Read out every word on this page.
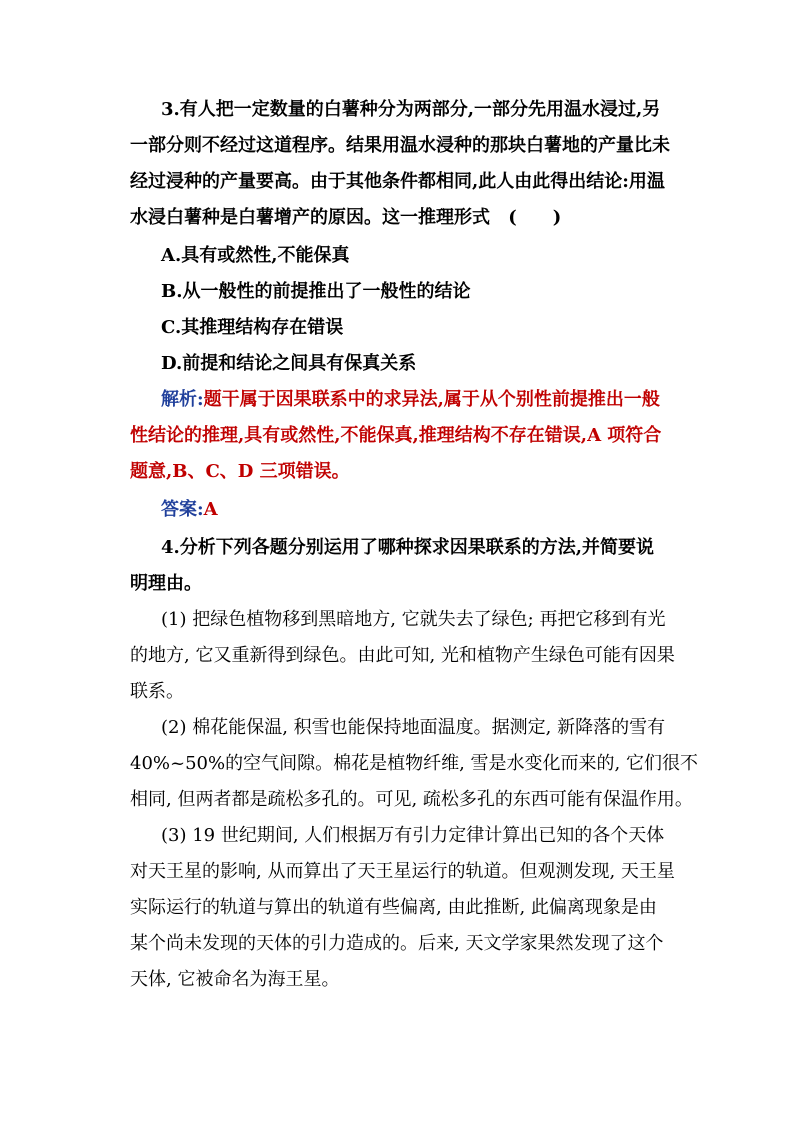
3.有人把一定数量的白薯种分为两部分,一部分先用温水浸过,另
一部分则不经过这道程序。结果用温水浸种的那块白薯地的产量比未
经过浸种的产量要高。由于其他条件都相同,此人由此得出结论:用温
水浸白薯种是白薯增产的原因。这一推理形式 (　　)
A.具有或然性,不能保真
B.从一般性的前提推出了一般性的结论
C.其推理结构存在错误
D.前提和结论之间具有保真关系
解析:题干属于因果联系中的求异法,属于从个别性前提推出一般
性结论的推理,具有或然性,不能保真,推理结构不存在错误,A 项符合
题意,B、C、D 三项错误。
答案:A
4.分析下列各题分别运用了哪种探求因果联系的方法,并简要说
明理由。
(1) 把绿色植物移到黑暗地方, 它就失去了绿色; 再把它移到有光
的地方, 它又重新得到绿色。由此可知, 光和植物产生绿色可能有因果
联系。
(2) 棉花能保温, 积雪也能保持地面温度。据测定, 新降落的雪有
40%~50%的空气间隙。棉花是植物纤维, 雪是水变化而来的, 它们很不
相同, 但两者都是疏松多孔的。可见, 疏松多孔的东西可能有保温作用。
(3) 19 世纪期间, 人们根据万有引力定律计算出已知的各个天体
对天王星的影响, 从而算出了天王星运行的轨道。但观测发现, 天王星
实际运行的轨道与算出的轨道有些偏离, 由此推断, 此偏离现象是由
某个尚未发现的天体的引力造成的。后来, 天文学家果然发现了这个
天体, 它被命名为海王星。
